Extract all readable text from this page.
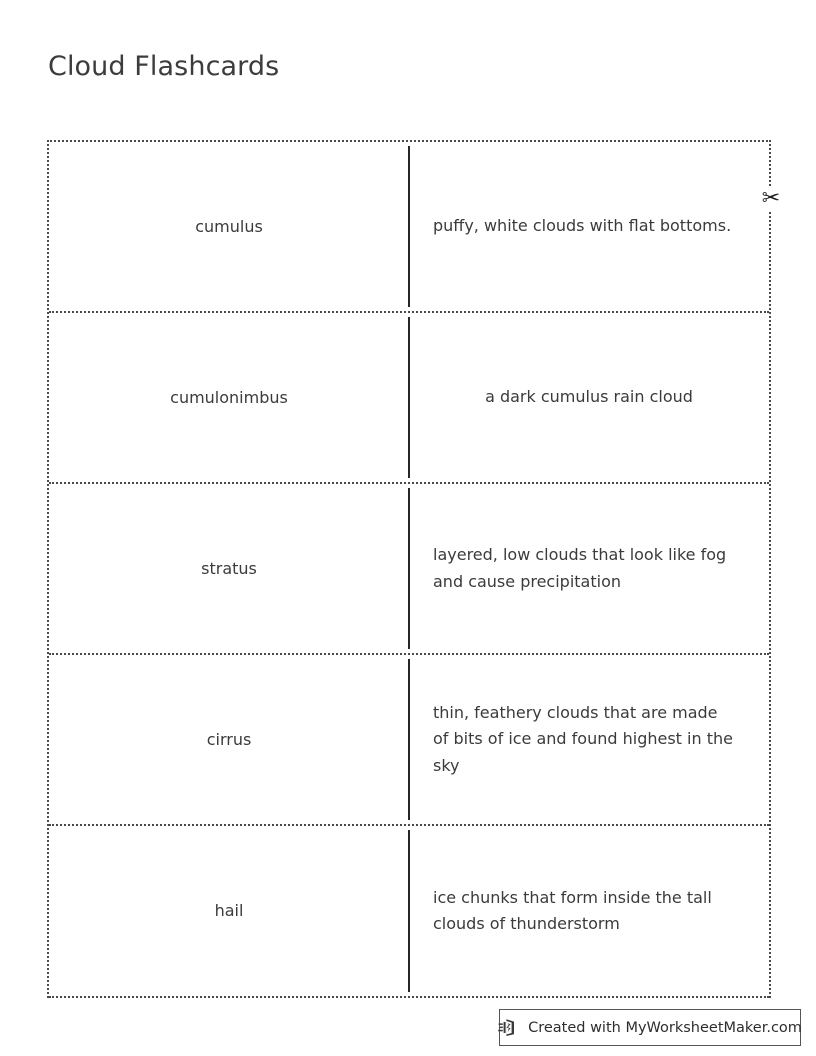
Cloud Flashcards
cumulus	puffy, white clouds with flat bottoms.
✂
cumulonimbus	a dark cumulus rain cloud
stratus
layered, low clouds that look like fog and cause precipitation
cirrus
thin, feathery clouds that are made of bits of ice and found highest in the sky
hail
ice chunks that form inside the tall clouds of thunderstorm
Created with MyWorksheetMaker.com
